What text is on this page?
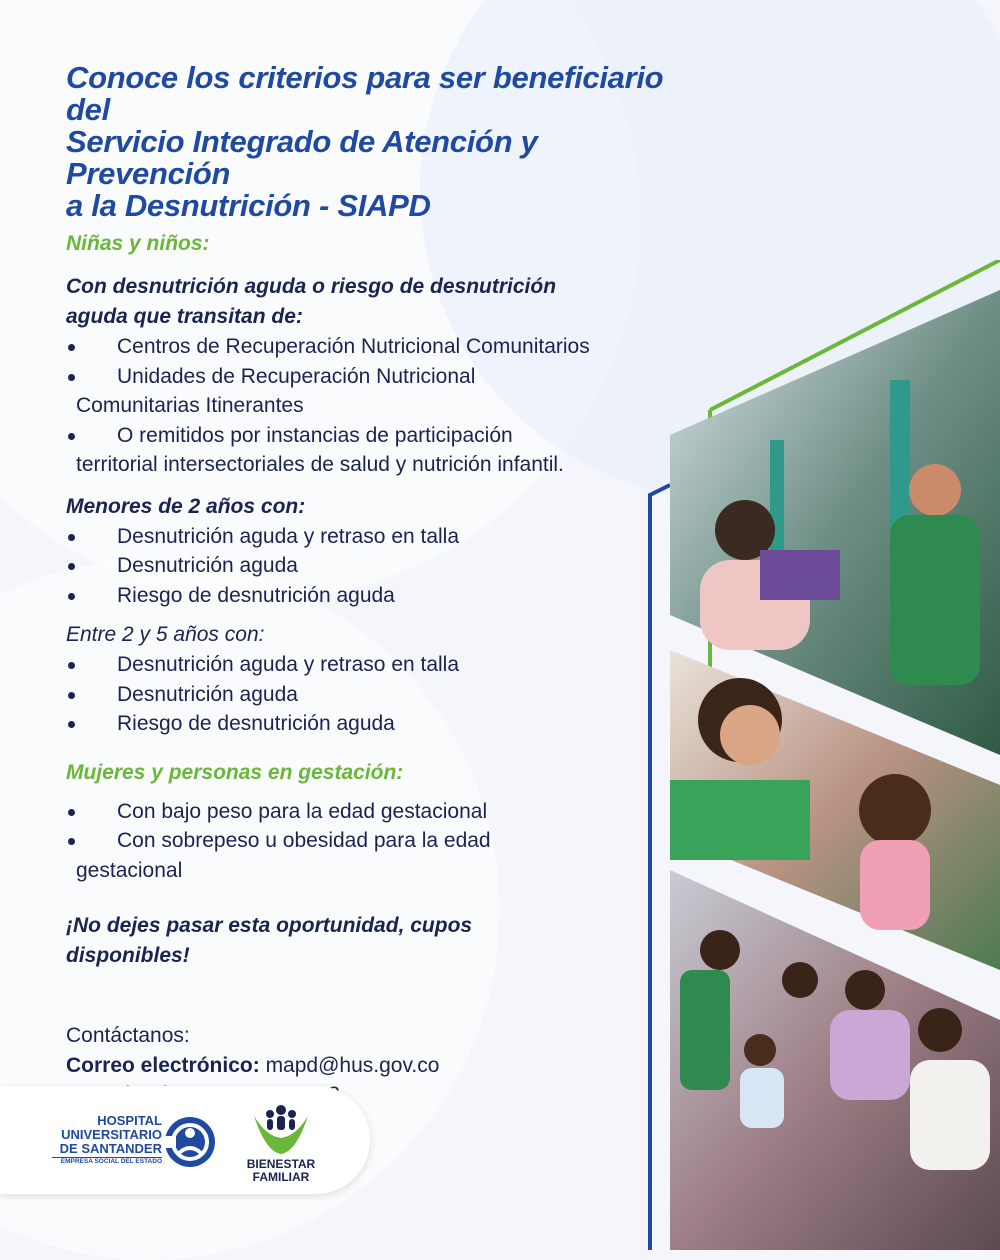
Conoce los criterios para ser beneficiario del
Servicio Integrado de Atención y Prevención
a la Desnutrición - SIAPD

Niñas y niños:

Con desnutrición aguda o riesgo de desnutrición
aguda que transitan de:

Centros de Recuperación Nutricional Comunitarios
Unidades de Recuperación Nutricional
Comunitarias Itinerantes
O remitidos por instancias de participación
territorial intersectoriales de salud y nutrición infantil.

Menores de 2 años con:

Desnutrición aguda y retraso en talla
Desnutrición aguda
Riesgo de desnutrición aguda

Entre 2 y 5 años con:

Desnutrición aguda y retraso en talla
Desnutrición aguda
Riesgo de desnutrición aguda

Mujeres y personas en gestación:

Con bajo peso para la edad gestacional
Con sobrepeso u obesidad para la edad
gestacional

¡No dejes pasar esta oportunidad, cupos
disponibles!

Contáctanos:

Correo electrónico: mapd@hus.gov.co

HOSPITAL
UNIVERSITARIO
DE SANTANDER
EMPRESA SOCIAL DEL ESTADO	BIENESTAR
FAMILIAR
